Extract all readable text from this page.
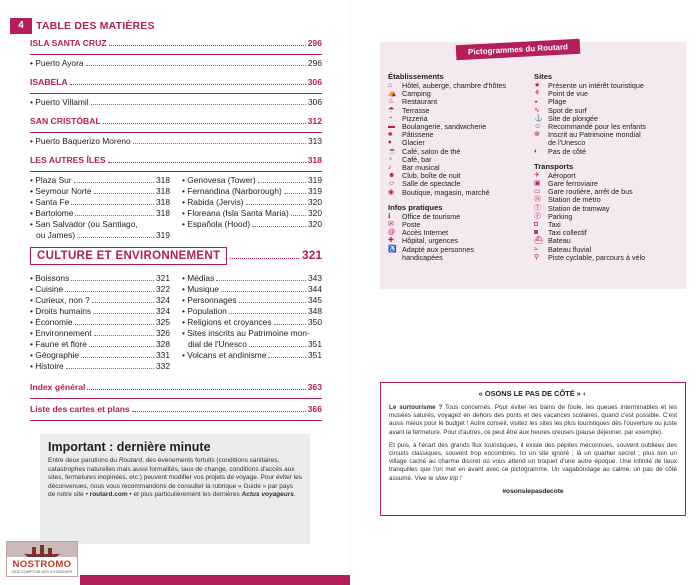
4	TABLE DES MATIÈRES
ISLA SANTA CRUZ	296
• Puerto Ayora	296
ISABELA	306
• Puerto Villamil	306
SAN CRISTÓBAL	312
• Puerto Baquerizo Moreno	313
LES AUTRES ÎLES	318
• Plaza Sur	318
• Seymour Norte	318
• Santa Fe	318
• Bartolome	318
• San Salvador (ou Santiago,
ou James)	319
• Genovesa (Tower)	319
• Fernandina (Narborough)	319
• Rabida (Jervis)	320
• Floreana (Isla Santa Maria) 320
• Española (Hood)	320
CULTURE ET ENVIRONNEMENT	321
• Boissons	321
• Cuisine	322
• Curieux, non ?	324
• Droits humains	324
• Économie	325
• Environnement	326
• Faune et flore	328
• Géographie	331
• Histoire	332
• Médias	343
• Musique	344
• Personnages	345
• Population	348
• Religions et croyances	350
• Sites inscrits au Patrimoine mon-
dial de l'Unesco	351
• Volcans et andinisme	351
Index général	363
Liste des cartes et plans	366
Important : dernière minute

Entre deux parutions du Routard, des événements fortuits (conditions sanitaires, catastrophes naturelles mais aussi formalités, taux de change, conditions d'accès aux sites, fermetures inopinées, etc.) peuvent modifier vos projets de voyage. Pour éviter les déconvenues, nous vous recommandons de consulter la rubrique « Guide » par pays de notre site • routard.com • et plus particulièrement les dernières Actus voyageurs.

NOSTROMO
VIDE-COMPTOIR DES VOYAGEURS
Pictogrammes du Routard
Établissements
⌂	Hôtel, auberge, chambre d'hôtes
⛺ Camping
♨	Restaurant
☂	Terrasse
◔	Pizzeria
▬ Boulangerie, sandwicherie
♣	Pâtisserie
♦	Glacier
☕ Café, salon de thé
♀	Café, bar
♪	Bar musical
☻ Club, boîte de nuit
☺ Salle de spectacle
◉	Boutique, magasin, marché
Infos pratiques
ℹ	Office de tourisme
✉	Poste
@ Accès Internet
✚	Hôpital, urgences
♿ Adapté aux personnes
handicapées
Sites
★	Présente un intérêt touristique
⚘	Point de vue
◒	Plage
∿	Spot de surf
⚓ Site de plongée
☺ Recommandé pour les enfants
⊕	Inscrit au Patrimoine mondial
de l'Unesco
◐	Pas de côté
Transports
✈	Aéroport
▣	Gare ferroviaire
▭	Gare routière, arrêt de bus
Ⓜ Station de métro
Ⓣ Station de tramway
Ⓟ Parking
◘	Taxi
◙	Taxi collectif
⛴ Bateau
≈	Bateau fluvial
⚲	Piste cyclable, parcours à vélo
« OSONS LE PAS DE CÔTÉ » ◐

Le surtourisme ? Tous concernés. Pour éviter les bains de foule, les queues interminables et les musées saturés, voyagez en dehors des ponts et des vacances scolaires, quand c'est possible. C'est aussi mieux pour le budget ! Autre conseil, visitez les sites les plus touristiques dès l'ouverture ou juste avant la fermeture. Pour d'autres, ce peut être aux heures creuses (pause déjeuner, par exemple).

Et puis, à l'écart des grands flux touristiques, il existe des pépites méconnues, souvent oubliées des circuits classiques, souvent trop encombrés. Ici un site ignoré ; là un quartier secret ; plus loin un village caché au charme discret où vous attend un troquet d'une autre époque. Une infinité de lieux tranquilles que l'on met en avant avec ce pictogramme. Un vagabondage au calme, un pas de côté assumé. Vive le slow trip !

#osonslepasdecote
